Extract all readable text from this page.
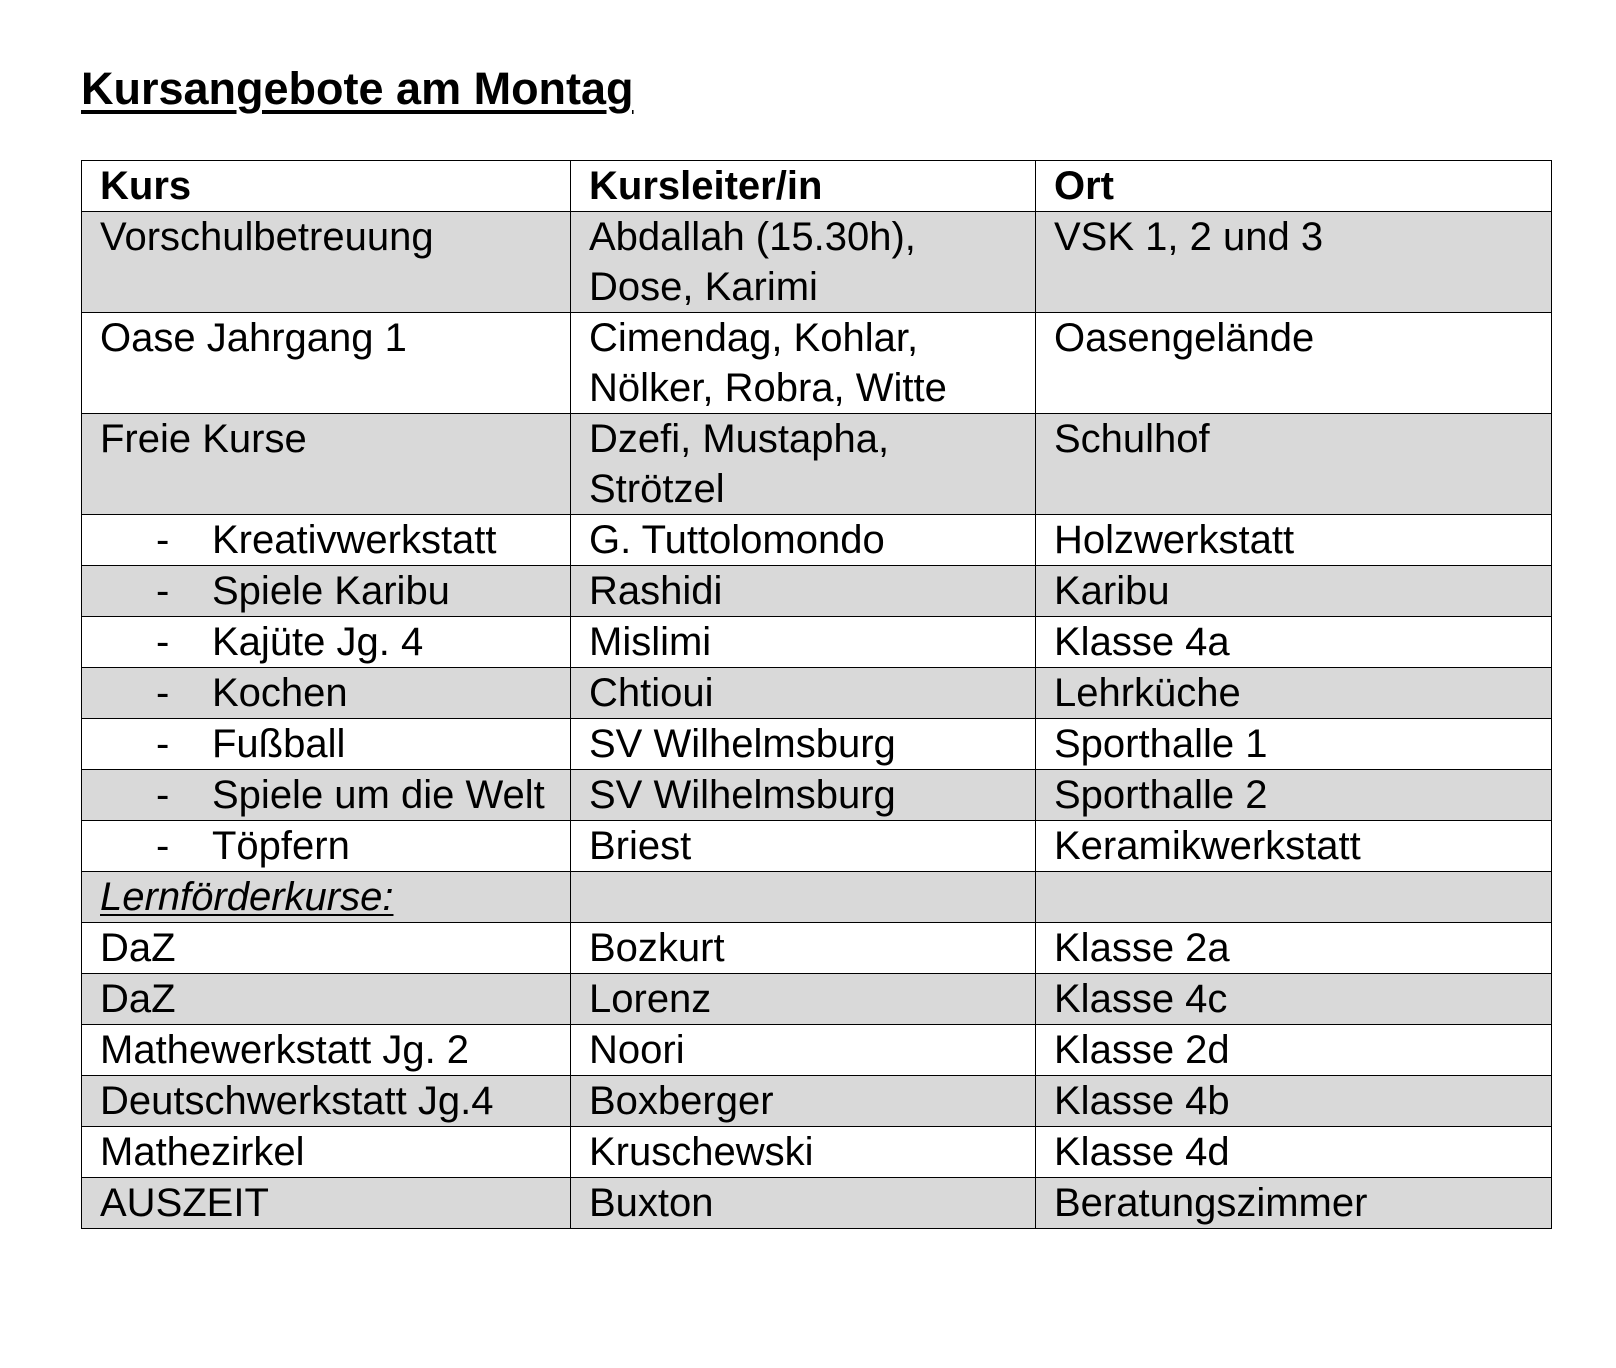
Kursangebote am Montag
Kurs	Kursleiter/in	Ort
Vorschulbetreuung	Abdallah (15.30h), Dose, Karimi	VSK 1, 2 und 3
Oase Jahrgang 1	Cimendag, Kohlar, Nölker, Robra, Witte	Oasengelände
Freie Kurse	Dzefi, Mustapha, Strötzel	Schulhof

- Kreativwerkstatt	G. Tuttolomondo	Holzwerkstatt

- Spiele Karibu	Rashidi	Karibu

- Kajüte Jg. 4	Mislimi	Klasse 4a

- Kochen	Chtioui	Lehrküche

- Fußball	SV Wilhelmsburg	Sporthalle 1

- Spiele um die Welt	SV Wilhelmsburg	Sporthalle 2

- Töpfern	Briest	Keramikwerkstatt
Lernförderkurse:		
DaZ	Bozkurt	Klasse 2a
DaZ	Lorenz	Klasse 4c
Mathewerkstatt Jg. 2	Noori	Klasse 2d
Deutschwerkstatt Jg.4	Boxberger	Klasse 4b
Mathezirkel	Kruschewski	Klasse 4d
AUSZEIT	Buxton	Beratungszimmer
